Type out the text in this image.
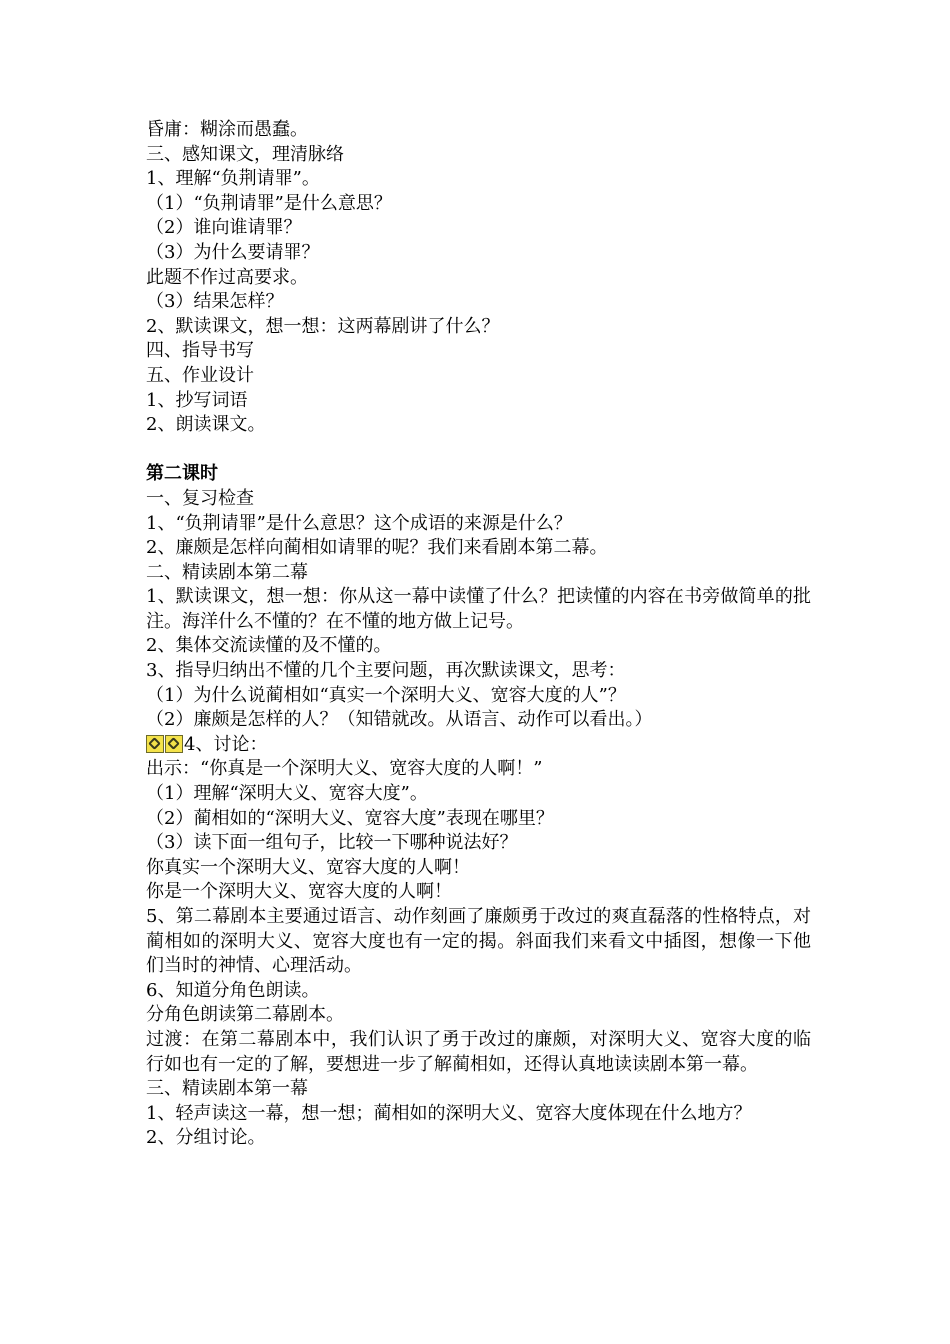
昏庸：糊涂而愚蠢。
三、感知课文，理清脉络
1、理解“负荆请罪”。
（1）“负荆请罪”是什么意思？
（2）谁向谁请罪？
（3）为什么要请罪？
此题不作过高要求。
（3）结果怎样？
2、默读课文，想一想：这两幕剧讲了什么？
四、指导书写
五、作业设计
1、抄写词语
2、朗读课文。
第二课时
一、复习检查
1、“负荆请罪”是什么意思？这个成语的来源是什么？
2、廉颇是怎样向蔺相如请罪的呢？我们来看剧本第二幕。
二、精读剧本第二幕
1、默读课文，想一想：你从这一幕中读懂了什么？把读懂的内容在书旁做简单的批注。海洋什么不懂的？在不懂的地方做上记号。
2、集体交流读懂的及不懂的。
3、指导归纳出不懂的几个主要问题，再次默读课文，思考：
（1）为什么说蔺相如“真实一个深明大义、宽容大度的人”？
（2）廉颇是怎样的人？（知错就改。从语言、动作可以看出。）
4、讨论：
出示：“你真是一个深明大义、宽容大度的人啊！”
（1）理解“深明大义、宽容大度”。
（2）蔺相如的“深明大义、宽容大度”表现在哪里？
（3）读下面一组句子，比较一下哪种说法好？
你真实一个深明大义、宽容大度的人啊！
你是一个深明大义、宽容大度的人啊！
5、第二幕剧本主要通过语言、动作刻画了廉颇勇于改过的爽直磊落的性格特点，对蔺相如的深明大义、宽容大度也有一定的揭。斜面我们来看文中插图，想像一下他们当时的神情、心理活动。
6、知道分角色朗读。
分角色朗读第二幕剧本。
过渡：在第二幕剧本中，我们认识了勇于改过的廉颇，对深明大义、宽容大度的临行如也有一定的了解，要想进一步了解蔺相如，还得认真地读读剧本第一幕。
三、精读剧本第一幕
1、轻声读这一幕，想一想；蔺相如的深明大义、宽容大度体现在什么地方？
2、分组讨论。
